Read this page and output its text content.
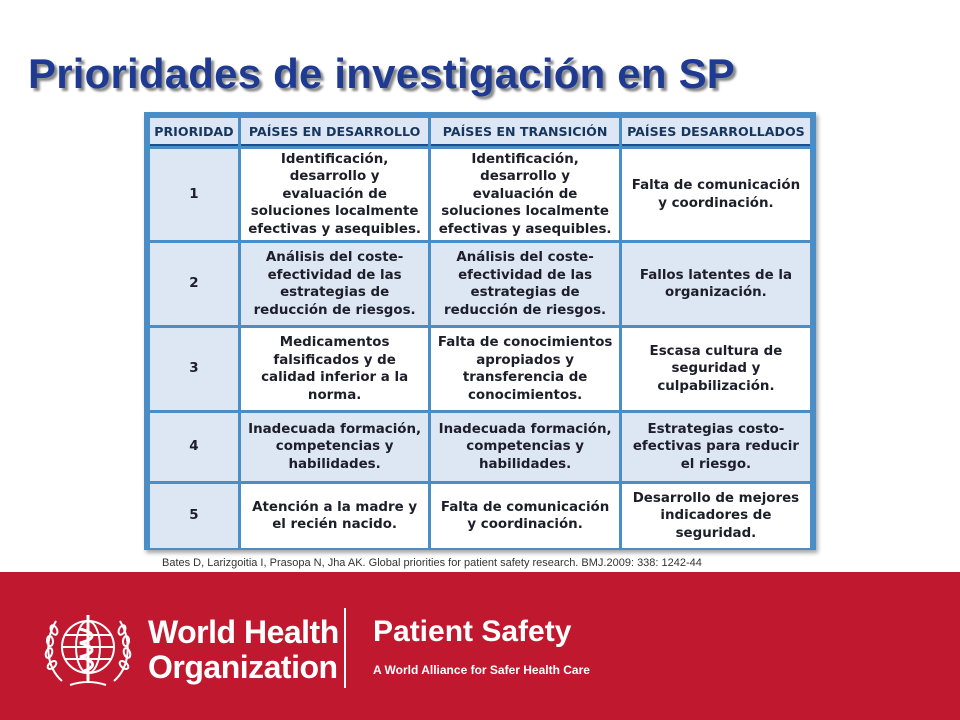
Prioridades de investigación en SP
PRIORIDAD	PAÍSES EN DESARROLLO	PAÍSES EN TRANSICIÓN	PAÍSES DESARROLLADOS
1	Identificación, desarrollo y evaluación de soluciones localmente efectivas y asequibles.	Identificación, desarrollo y evaluación de soluciones localmente efectivas y asequibles.	Falta de comunicación y coordinación.
2	Análisis del coste-efectividad de las estrategias de reducción de riesgos.	Análisis del coste-efectividad de las estrategias de reducción de riesgos.	Fallos latentes de la organización.
3	Medicamentos falsificados y de calidad inferior a la norma.	Falta de conocimientos apropiados y transferencia de conocimientos.	Escasa cultura de seguridad y culpabilización.
4	Inadecuada formación, competencias y habilidades.	Inadecuada formación, competencias y habilidades.	Estrategias costo-efectivas para reducir el riesgo.
5	Atención a la madre y el recién nacido.	Falta de comunicación y coordinación.	Desarrollo de mejores indicadores de seguridad.
Bates D, Larizgoitia I, Prasopa N, Jha AK. Global priorities for patient safety research. BMJ.2009: 338: 1242-44
World Health
Organization
Patient Safety
A World Alliance for Safer Health Care
